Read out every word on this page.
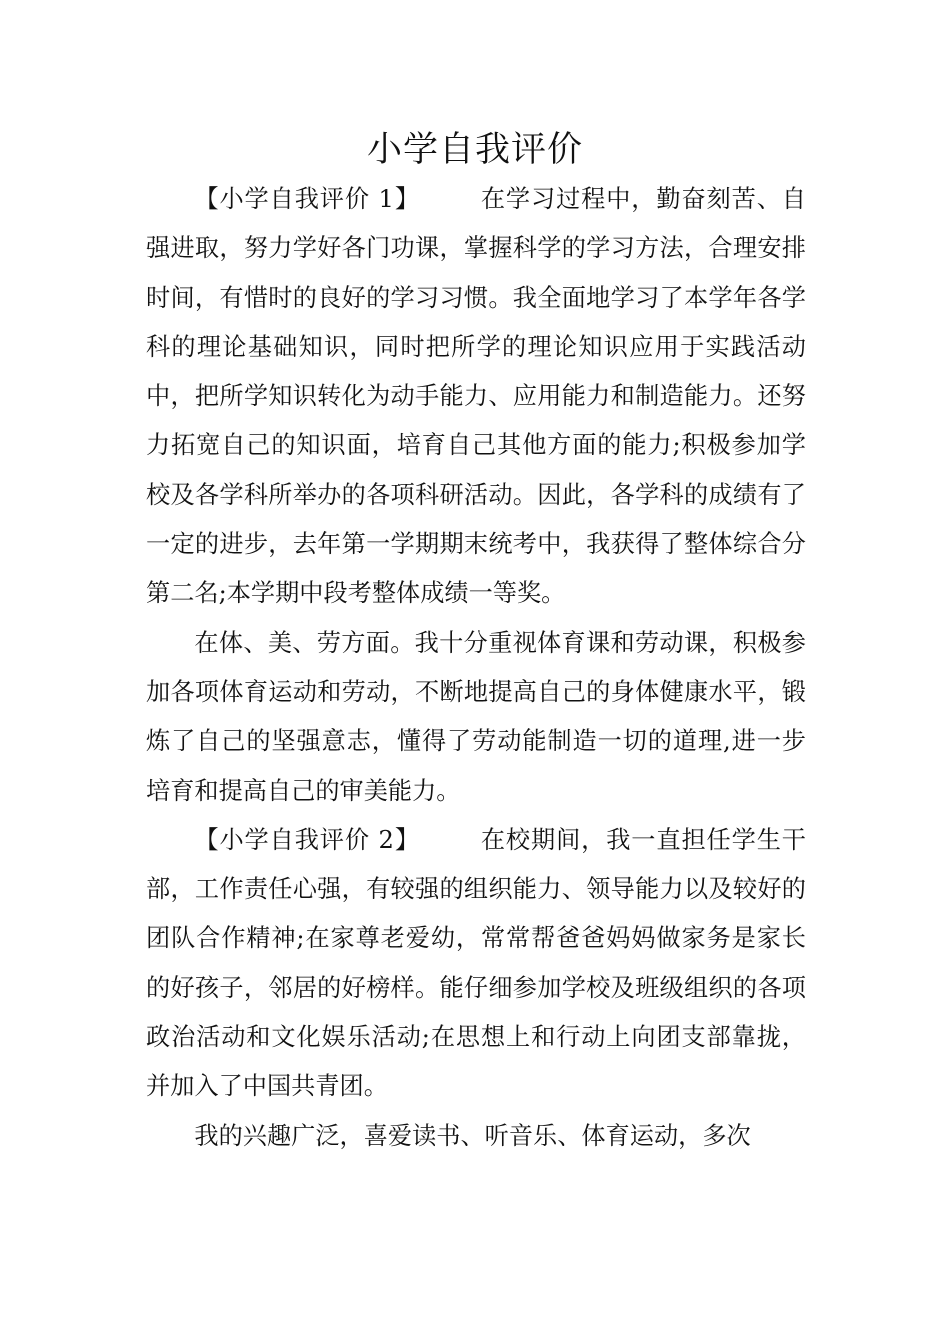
小学自我评价

【小学自我评价 1】 在学习过程中，勤奋刻苦、自强进取，努力学好各门功课，掌握科学的学习方法，合理安排时间，有惜时的良好的学习习惯。我全面地学习了本学年各学科的理论基础知识，同时把所学的理论知识应用于实践活动中，把所学知识转化为动手能力、应用能力和制造能力。还努力拓宽自己的知识面，培育自己其他方面的能力;积极参加学校及各学科所举办的各项科研活动。因此，各学科的成绩有了一定的进步，去年第一学期期末统考中，我获得了整体综合分第二名;本学期中段考整体成绩一等奖。

在体、美、劳方面。我十分重视体育课和劳动课，积极参加各项体育运动和劳动，不断地提高自己的身体健康水平，锻炼了自己的坚强意志，懂得了劳动能制造一切的道理,进一步培育和提高自己的审美能力。

【小学自我评价 2】 在校期间，我一直担任学生干部，工作责任心强，有较强的组织能力、领导能力以及较好的团队合作精神;在家尊老爱幼，常常帮爸爸妈妈做家务是家长的好孩子，邻居的好榜样。能仔细参加学校及班级组织的各项政治活动和文化娱乐活动;在思想上和行动上向团支部靠拢，并加入了中国共青团。

我的兴趣广泛，喜爱读书、听音乐、体育运动，多次
